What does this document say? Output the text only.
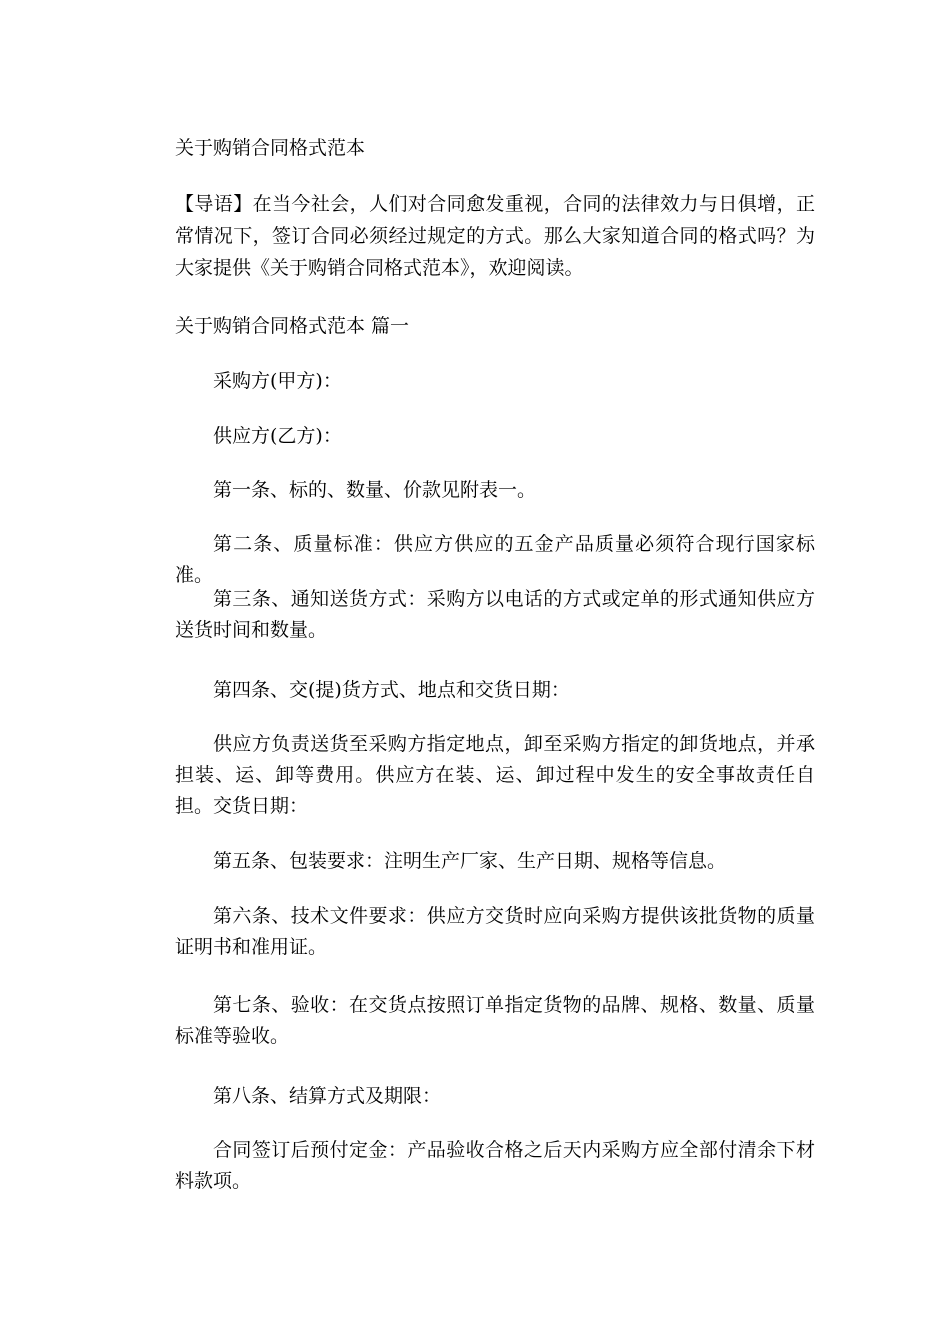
关于购销合同格式范本
【导语】在当今社会，人们对合同愈发重视，合同的法律效力与日俱增，正常情况下，签订合同必须经过规定的方式。那么大家知道合同的格式吗？为大家提供《关于购销合同格式范本》，欢迎阅读。
关于购销合同格式范本 篇一
采购方(甲方)：
供应方(乙方)：
第一条、标的、数量、价款见附表一。
第二条、质量标准：供应方供应的五金产品质量必须符合现行国家标准。
第三条、通知送货方式：采购方以电话的方式或定单的形式通知供应方送货时间和数量。
第四条、交(提)货方式、地点和交货日期：
供应方负责送货至采购方指定地点，卸至采购方指定的卸货地点，并承担装、运、卸等费用。供应方在装、运、卸过程中发生的安全事故责任自担。交货日期：
第五条、包装要求：注明生产厂家、生产日期、规格等信息。
第六条、技术文件要求：供应方交货时应向采购方提供该批货物的质量证明书和准用证。
第七条、验收：在交货点按照订单指定货物的品牌、规格、数量、质量标准等验收。
第八条、结算方式及期限：
合同签订后预付定金：产品验收合格之后天内采购方应全部付清余下材料款项。
